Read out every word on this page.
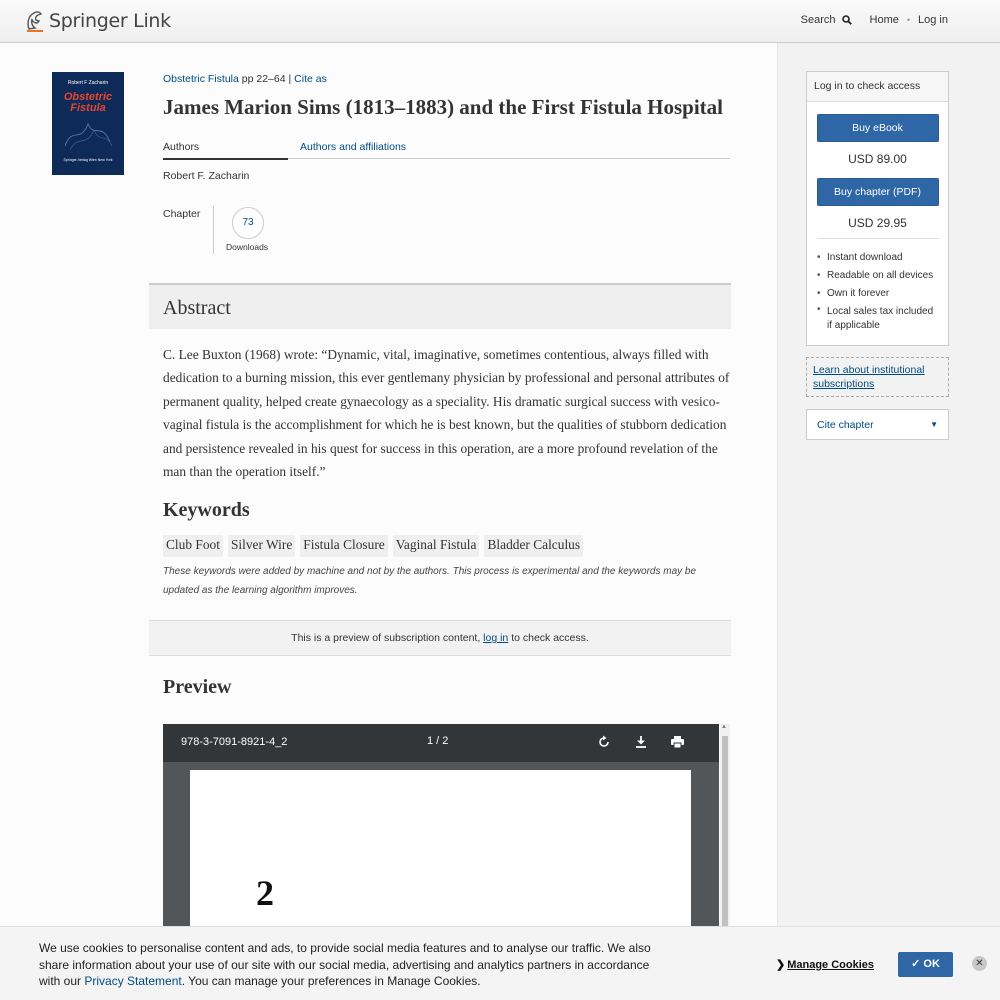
Springer Link	Search	Home • Log in
Robert F Zacharin
Obstetric
Fistula
Springer-Verlag Wien New York
Obstetric Fistula pp 22–64 | Cite as
James Marion Sims (1813–1883) and the First Fistula Hospital
Authors	Authors and affiliations
Robert F. Zacharin
Chapter
73
Downloads
Abstract

C. Lee Buxton (1968) wrote: “Dynamic, vital, imaginative, sometimes contentious, always filled with dedication to a burning mission, this ever gentlemany physician by professional and personal attributes of permanent quality, helped create gynaecology as a speciality. His dramatic surgical success with vesico-vaginal fistula is the accomplishment for which he is best known, but the qualities of stubborn dedication and persistence revealed in his quest for success in this operation, are a more profound revelation of the man than the operation itself.”

Keywords
Club Foot Silver Wire Fistula Closure Vaginal Fistula Bladder Calculus

These keywords were added by machine and not by the authors. This process is experimental and the keywords may be updated as the learning algorithm improves.

This is a preview of subscription content, log in to check access.
Preview
978-3-7091-8921-4_2	1 / 2
2
▲
Log in to check access
Buy eBook
USD 89.00
Buy chapter (PDF)
USD 29.95
• Instant download
• Readable on all devices
• Own it forever
• Local sales tax included if applicable
Learn about institutional subscriptions
Cite chapter	▼

We use cookies to personalise content and ads, to provide social media features and to analyse our traffic. We also share information about your use of our site with our social media, advertising and analytics partners in accordance with our Privacy Statement. You can manage your preferences in Manage Cookies.

❯ Manage Cookies	✓ OK	✕
